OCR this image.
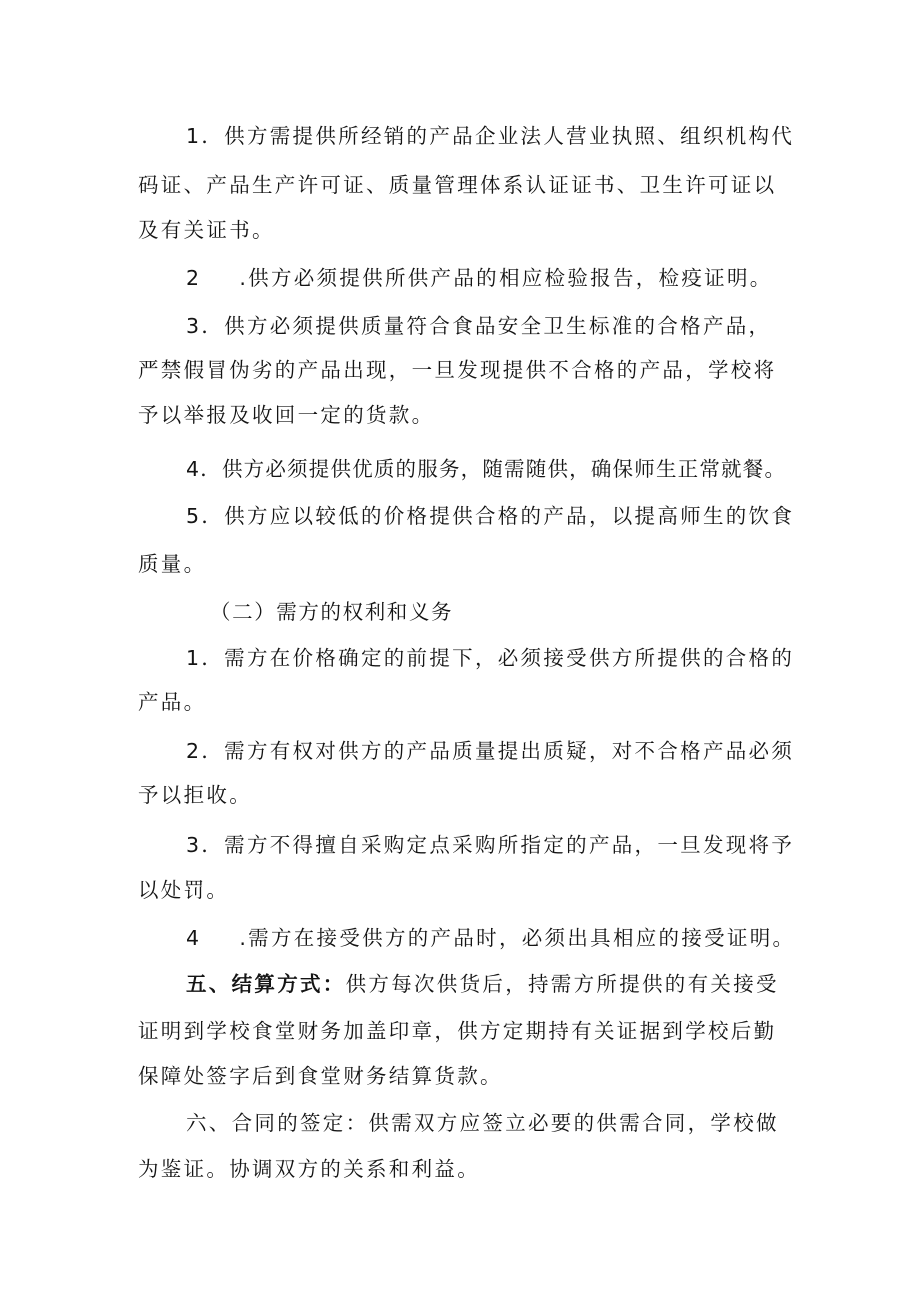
1．供方需提供所经销的产品企业法人营业执照、组织机构代
码证、产品生产许可证、质量管理体系认证证书、卫生许可证以
及有关证书。
2 .供方必须提供所供产品的相应检验报告，检疫证明。
3．供方必须提供质量符合食品安全卫生标准的合格产品，
严禁假冒伪劣的产品出现，一旦发现提供不合格的产品，学校将
予以举报及收回一定的货款。
4．供方必须提供优质的服务，随需随供，确保师生正常就餐。
5．供方应以较低的价格提供合格的产品，以提高师生的饮食
质量。
（二）需方的权利和义务
1．需方在价格确定的前提下，必须接受供方所提供的合格的
产品。
2．需方有权对供方的产品质量提出质疑，对不合格产品必须
予以拒收。
3．需方不得擅自采购定点采购所指定的产品，一旦发现将予
以处罚。
4 .需方在接受供方的产品时，必须出具相应的接受证明。
五、结算方式：供方每次供货后，持需方所提供的有关接受
证明到学校食堂财务加盖印章，供方定期持有关证据到学校后勤
保障处签字后到食堂财务结算货款。
六、合同的签定：供需双方应签立必要的供需合同，学校做
为鉴证。协调双方的关系和利益。
